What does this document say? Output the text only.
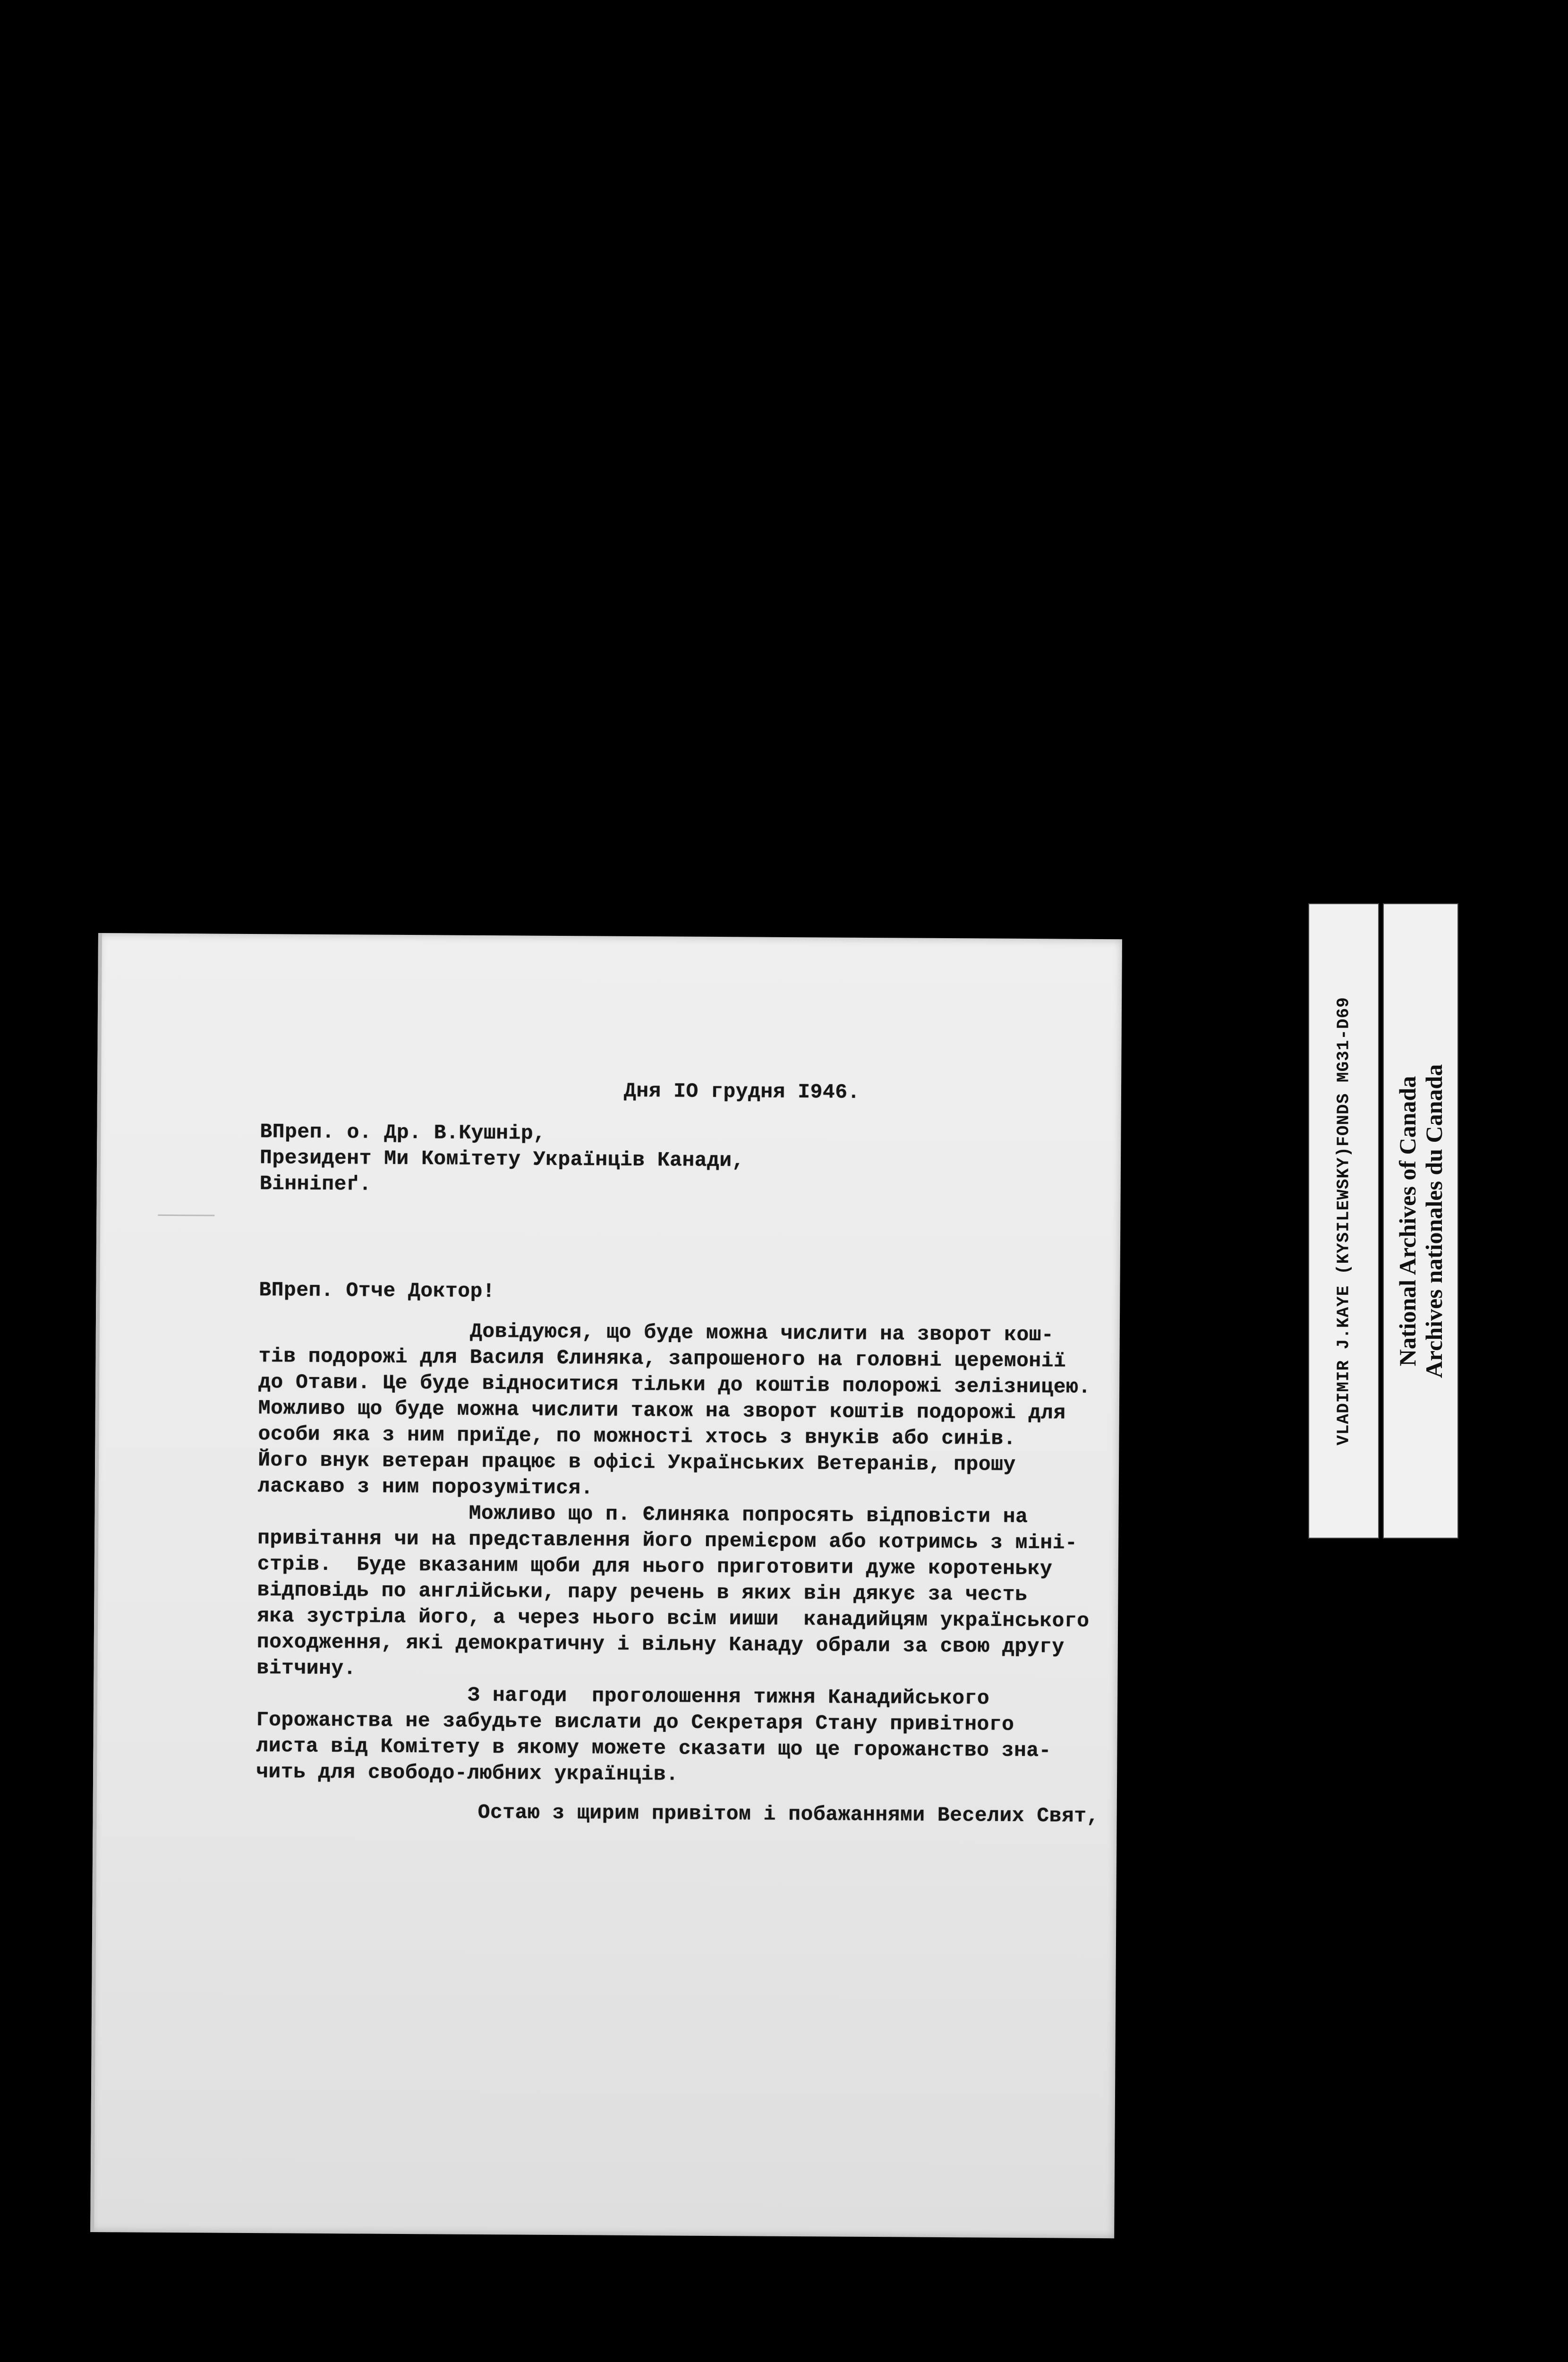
Дня IO грудня I946.
ВПреп. о. Др. В.Кушнір,
Президент Ми Комітету Українців Канади,
Вінніпеґ.
ВПреп. Отче Доктор!
Довідуюся, що буде можна числити на зворот кош-
тів подорожі для Василя Єлиняка, запрошеного на головні церемонії
до Отави. Це буде відноситися тільки до коштів полорожі зелізницею.
Можливо що буде можна числити також на зворот коштів подорожі для
особи яка з ним приїде, по можності хтось з внуків або синів.
Його внук ветеран працює в офісі Українських Ветеранів, прошу
ласкаво з ним порозумітися.
Можливо що п. Єлиняка попросять відповісти на
привітання чи на представлення його премієром або котримсь з міні-
стрів.  Буде вказаним щоби для нього приготовити дуже коротеньку
відповідь по англійськи, пару речень в яких він дякує за честь
яка зустріла його, а через нього всім ииши  канадийцям українського
походження, які демократичну і вільну Канаду обрали за свою другу
вітчину.
З нагоди  проголошення тижня Канадийського
Горожанства не забудьте вислати до Секретаря Стану привітного
листа від Комітету в якому можете сказати що це горожанство зна-
чить для свободо-любних українців.
Остаю з щирим привітом і побажаннями Веселих Свят,
VLADIMIR J.KAYE (KYSILEWSKY)FONDS MG31-D69 National Archives of Canada Archives nationales du Canada
